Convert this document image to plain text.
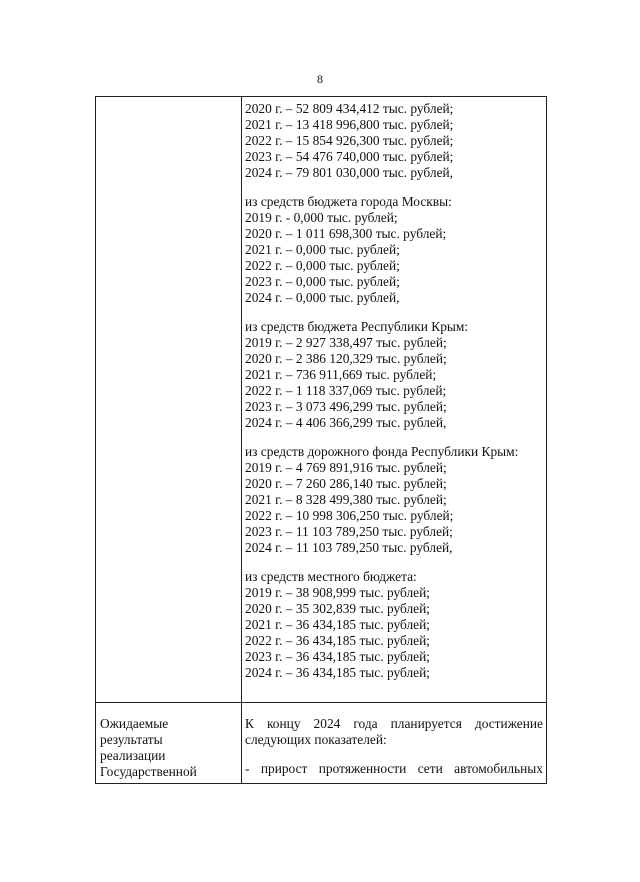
8
2020 г. – 52 809 434,412 тыс. рублей;
2021 г. – 13 418 996,800 тыс. рублей;
2022 г. – 15 854 926,300 тыс. рублей;
2023 г. – 54 476 740,000 тыс. рублей;
2024 г. – 79 801 030,000 тыс. рублей,
из средств бюджета города Москвы:
2019 г. - 0,000 тыс. рублей;
2020 г. – 1 011 698,300 тыс. рублей;
2021 г. – 0,000 тыс. рублей;
2022 г. – 0,000 тыс. рублей;
2023 г. – 0,000 тыс. рублей;
2024 г. – 0,000 тыс. рублей,
из средств бюджета Республики Крым:
2019 г. – 2 927 338,497 тыс. рублей;
2020 г. – 2 386 120,329 тыс. рублей;
2021 г. – 736 911,669 тыс. рублей;
2022 г. – 1 118 337,069 тыс. рублей;
2023 г. – 3 073 496,299 тыс. рублей;
2024 г. – 4 406 366,299 тыс. рублей,
из средств дорожного фонда Республики Крым:
2019 г. – 4 769 891,916 тыс. рублей;
2020 г. – 7 260 286,140 тыс. рублей;
2021 г. – 8 328 499,380 тыс. рублей;
2022 г. – 10 998 306,250 тыс. рублей;
2023 г. – 11 103 789,250 тыс. рублей;
2024 г. – 11 103 789,250 тыс. рублей,
из средств местного бюджета:
2019 г. – 38 908,999 тыс. рублей;
2020 г. – 35 302,839 тыс. рублей;
2021 г. – 36 434,185 тыс. рублей;
2022 г. – 36 434,185 тыс. рублей;
2023 г. – 36 434,185 тыс. рублей;
2024 г. – 36 434,185 тыс. рублей;
Ожидаемые
результаты
реализации
Государственной
К концу 2024 года планируется достижение
следующих показателей:
- прирост протяженности сети автомобильных
